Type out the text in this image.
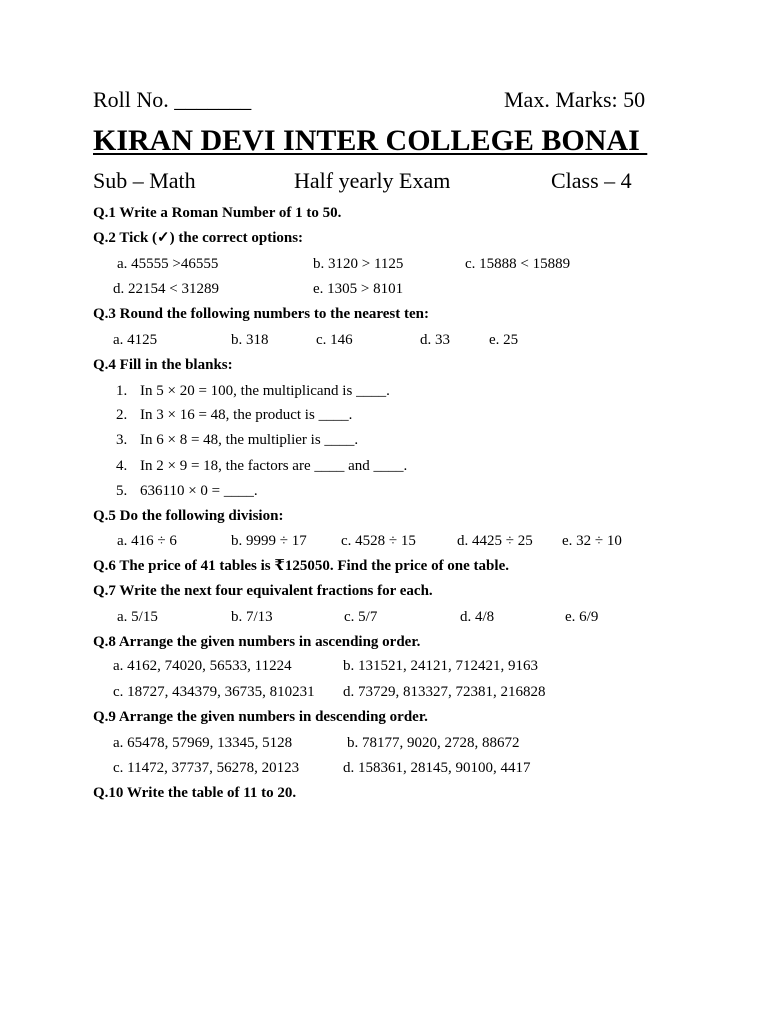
Roll No. _______	Max. Marks: 50
KIRAN DEVI INTER COLLEGE BONAI
Sub – Math	Half yearly Exam	Class – 4
Q.1 Write a Roman Number of 1 to 50.
Q.2 Tick (✓) the correct options:
a. 45555 >46555	b. 3120 > 1125	c. 15888 < 15889
d. 22154 < 31289	e. 1305 > 8101
Q.3 Round the following numbers to the nearest ten:
a. 4125	b. 318	c. 146	d. 33	e. 25
Q.4 Fill in the blanks:
1. In 5 × 20 = 100, the multiplicand is ____.
2. In 3 × 16 = 48, the product is ____.
3. In 6 × 8 = 48, the multiplier is ____.
4. In 2 × 9 = 18, the factors are ____ and ____.
5. 636110 × 0 = ____.
Q.5 Do the following division:
a. 416 ÷ 6	b. 9999 ÷ 17 c. 4528 ÷ 15	d. 4425 ÷ 25 e. 32 ÷ 10
Q.6 The price of 41 tables is ₹125050. Find the price of one table.
Q.7 Write the next four equivalent fractions for each.
a. 5/15	b. 7/13	c. 5/7	d. 4/8	e. 6/9
Q.8 Arrange the given numbers in ascending order.
a. 4162, 74020, 56533, 11224	b. 131521, 24121, 712421, 9163
c. 18727, 434379, 36735, 810231 d. 73729, 813327, 72381, 216828
Q.9 Arrange the given numbers in descending order.
a. 65478, 57969, 13345, 5128	b. 78177, 9020, 2728, 88672
c. 11472, 37737, 56278, 20123	d. 158361, 28145, 90100, 4417
Q.10 Write the table of 11 to 20.
